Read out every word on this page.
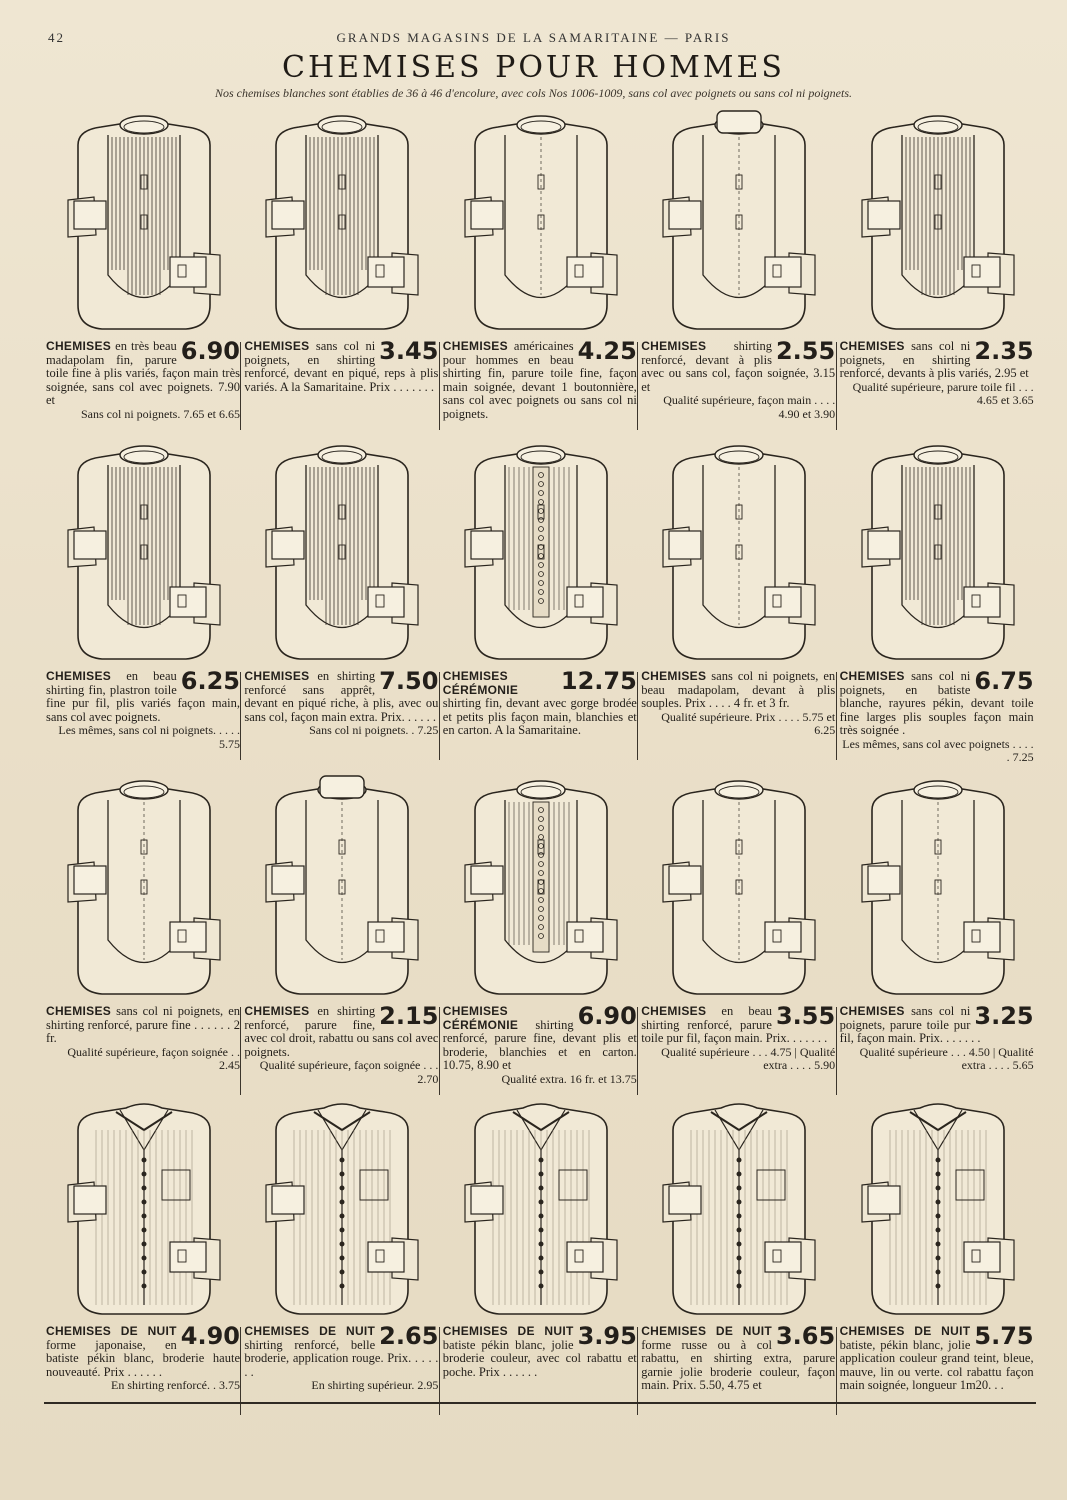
42	GRANDS MAGASINS DE LA SAMARITAINE — PARIS
CHEMISES POUR HOMMES
Nos chemises blanches sont établies de 36 à 46 d'encolure, avec cols Nos 1006-1009, sans col avec poignets ou sans col ni poignets.
6.90
CHEMISES en très beau madapolam fin, parure toile fine à plis variés, façon main très soignée, sans col avec poignets. 7.90 et
Sans col ni poignets. 7.65 et 6.65
3.45
CHEMISES sans col ni poignets, en shirting renforcé, devant en piqué, reps à plis variés. A la Samaritaine. Prix . . . . . . .
4.25
CHEMISES américaines pour hommes en beau shirting fin, parure toile fine, façon main soignée, devant 1 boutonnière, sans col avec poignets ou sans col ni poignets.
2.55
CHEMISES shirting renforcé, devant à plis avec ou sans col, façon soignée, 3.15 et
Qualité supérieure, façon main . . . . 4.90 et 3.90
2.35
CHEMISES sans col ni poignets, en shirting renforcé, devants à plis variés, 2.95 et
Qualité supérieure, parure toile fil . . . 4.65 et 3.65
6.25
CHEMISES en beau shirting fin, plastron toile fine pur fil, plis variés façon main, sans col avec poignets.
Les mêmes, sans col ni poignets. . . . . 5.75
7.50
CHEMISES en shirting renforcé sans apprêt, devant en piqué riche, à plis, avec ou sans col, façon main extra. Prix. . . . . .
Sans col ni poignets. . 7.25
12.75
CHEMISES CÉRÉMONIE shirting fin, devant avec gorge brodée et petits plis façon main, blanchies et en carton. A la Samaritaine.
CHEMISES sans col ni poignets, en beau madapolam, devant à plis souples. Prix . . . . 4 fr. et 3 fr.
Qualité supérieure. Prix . . . . 5.75 et 6.25
6.75
CHEMISES sans col ni poignets, en batiste blanche, rayures pékin, devant toile fine larges plis souples façon main très soignée .
Les mêmes, sans col avec poignets . . . . . 7.25
CHEMISES sans col ni poignets, en shirting renforcé, parure fine . . . . . . 2 fr.
Qualité supérieure, façon soignée . . 2.45
2.15
CHEMISES en shirting renforcé, parure fine, avec col droit, rabattu ou sans col avec poignets.
Qualité supérieure, façon soignée . . . 2.70
6.90
CHEMISES CÉRÉMONIE shirting renforcé, parure fine, devant plis et broderie, blanchies et en carton. 10.75, 8.90 et
Qualité extra. 16 fr. et 13.75
3.55
CHEMISES en beau shirting renforcé, parure toile pur fil, façon main. Prix. . . . . . .
Qualité supérieure . . . 4.75 | Qualité extra . . . . 5.90
3.25
CHEMISES sans col ni poignets, parure toile pur fil, façon main. Prix. . . . . . .
Qualité supérieure . . . 4.50 | Qualité extra . . . . 5.65
4.90
CHEMISES DE NUIT forme japonaise, en batiste pékin blanc, broderie haute nouveauté. Prix . . . . . .
En shirting renforcé. . 3.75
2.65
CHEMISES DE NUIT shirting renforcé, belle broderie, application rouge. Prix. . . . . . .
En shirting supérieur. 2.95
3.95
CHEMISES DE NUIT batiste pékin blanc, jolie broderie couleur, avec col rabattu et poche. Prix . . . . . .
3.65
CHEMISES DE NUIT forme russe ou à col rabattu, en shirting extra, parure garnie jolie broderie couleur, façon main. Prix. 5.50, 4.75 et
5.75
CHEMISES DE NUIT batiste, pékin blanc, jolie application couleur grand teint, bleue, mauve, lin ou verte. col rabattu façon main soignée, longueur 1m20. . .
